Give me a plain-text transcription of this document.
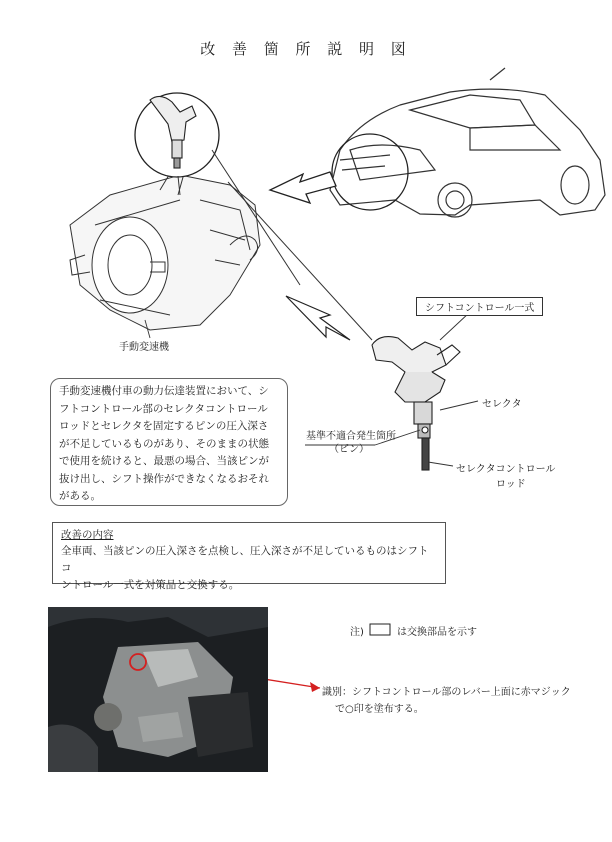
改 善 箇 所 説 明 図
手動変速機
シフトコントロール一式
セレクタ
基準不適合発生箇所
（ピン）
セレクタコントロール
ロッド
手動変速機付車の動力伝達装置において、シ
フトコントロール部のセレクタコントロール
ロッドとセレクタを固定するピンの圧入深さ
が不足しているものがあり、そのままの状態
で使用を続けると、最悪の場合、当該ピンが
抜け出し、シフト操作ができなくなるおそれ
がある。
改善の内容
全車両、当該ピンの圧入深さを点検し、圧入深さが不足しているものはシフトコ
ントロール一式を対策品と交換する。
注)	は交換部品を示す
識別：シフトコントロール部のレバー上面に赤マジック
で○印を塗布する。
